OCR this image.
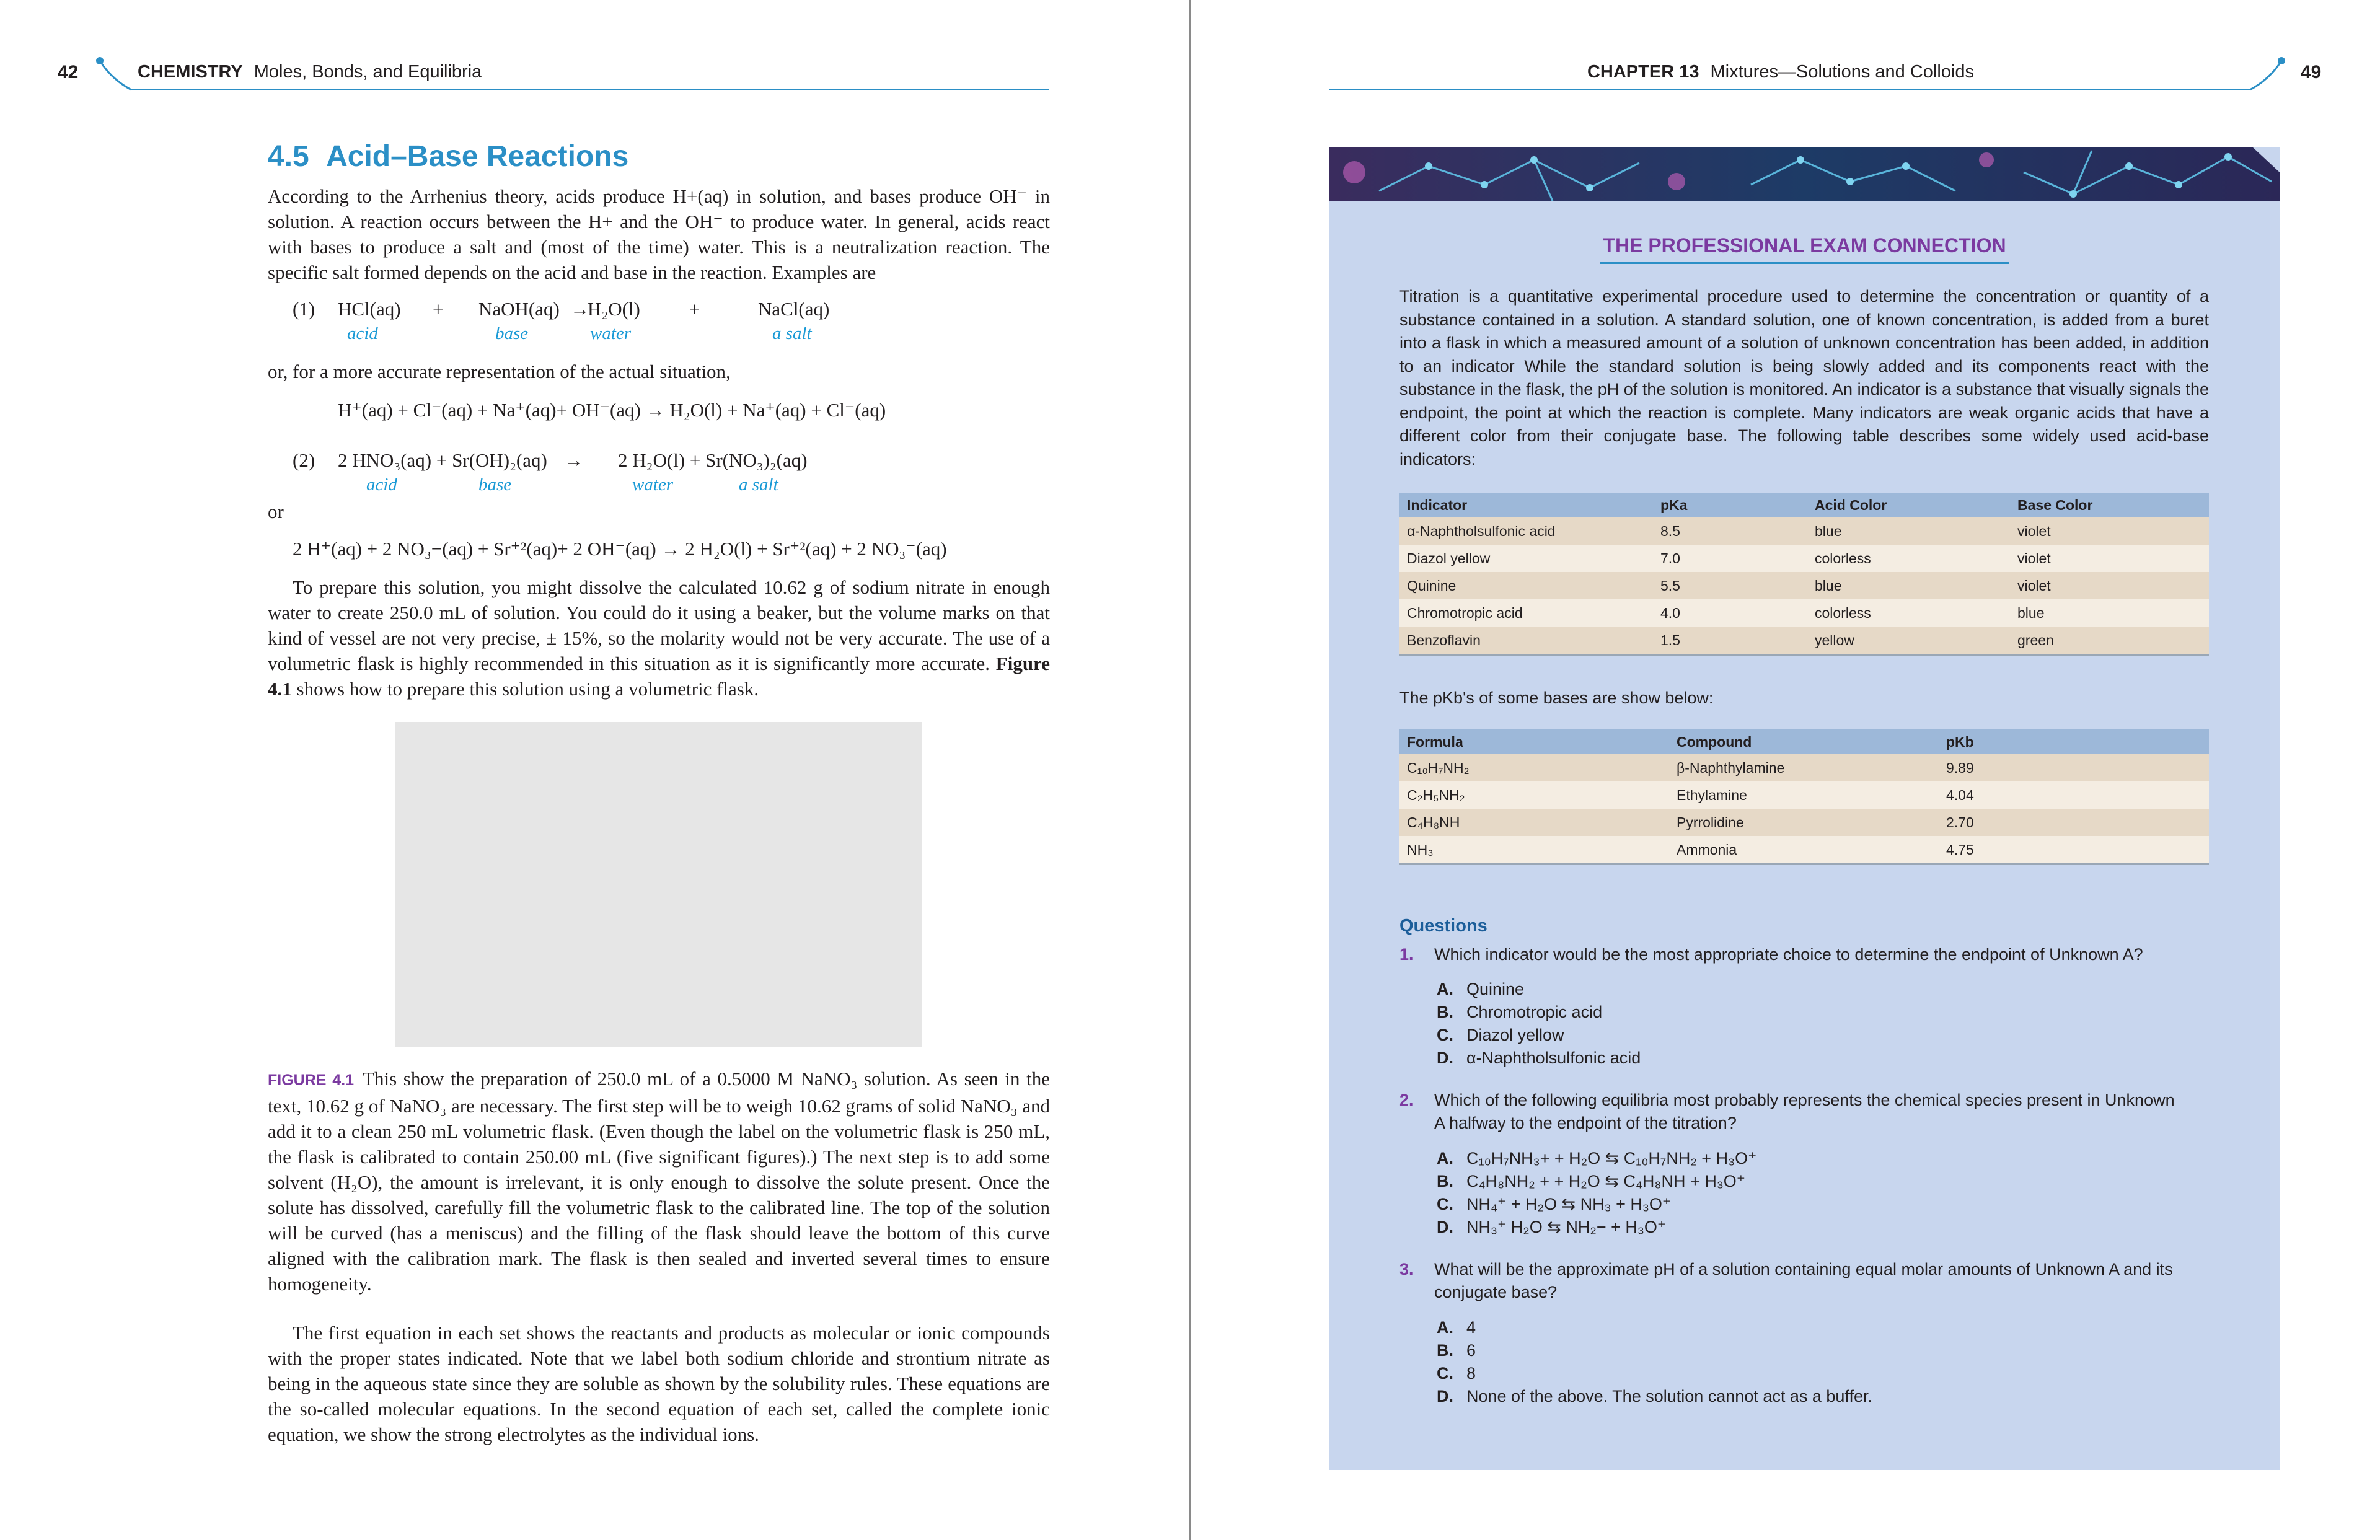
42	CHEMISTRY Moles, Bonds, and Equilibria
4.5 Acid–Base Reactions
According to the Arrhenius theory, acids produce H+(aq) in solution, and bases produce OH⁻ in solution. A reaction occurs between the H+ and the OH⁻ to produce water. In general, acids react with bases to produce a salt and (most of the time) water. This is a neutralization reaction. The specific salt formed depends on the acid and base in the reaction. Examples are
(1) HCl(aq) + NaOH(aq) →
H₂O(l)	+	NaCl(aq)
acid	base	water	a salt
or, for a more accurate representation of the actual situation,
H⁺(aq) + Cl⁻(aq) + Na⁺(aq)+ OH⁻(aq) → H₂O(l) + Na⁺(aq) + Cl⁻(aq)
(2) 2 HNO₃(aq) + Sr(OH)₂(aq) → 2 H₂O(l) + Sr(NO₃)₂(aq)
acid	base	water	a salt
or
2 H⁺(aq) + 2 NO₃−(aq) + Sr⁺²(aq)+ 2 OH⁻(aq) → 2 H₂O(l) + Sr⁺²(aq) + 2 NO₃⁻(aq)

To prepare this solution, you might dissolve the calculated 10.62 g of sodium nitrate in enough water to create 250.0 mL of solution. You could do it using a beaker, but the volume marks on that kind of vessel are not very precise, ± 15%, so the molarity would not be very accurate. The use of a volumetric flask is highly recommended in this situation as it is significantly more accurate. Figure 4.1 shows how to prepare this solution using a volumetric flask.

FIGURE 4.1 This show the preparation of 250.0 mL of a 0.5000 M NaNO₃ solution. As seen in the text, 10.62 g of NaNO₃ are necessary. The first step will be to weigh 10.62 grams of solid NaNO₃ and add it to a clean 250 mL volumetric flask. (Even though the label on the volumetric flask is 250 mL, the flask is calibrated to contain 250.00 mL (five significant figures).) The next step is to add some solvent (H₂O), the amount is irrelevant, it is only enough to dissolve the solute present. Once the solute has dissolved, carefully fill the volumetric flask to the calibrated line. The top of the solution will be curved (has a meniscus) and the filling of the flask should leave the bottom of this curve aligned with the calibration mark. The flask is then sealed and inverted several times to ensure homogeneity.

The first equation in each set shows the reactants and products as molecular or ionic compounds with the proper states indicated. Note that we label both sodium chloride and strontium nitrate as being in the aqueous state since they are soluble as shown by the solubility rules. These equations are the so-called molecular equations. In the second equation of each set, called the complete ionic equation, we show the strong electrolytes as the individual ions.

CHAPTER 13 Mixtures—Solutions and Colloids	49
THE PROFESSIONAL EXAM CONNECTION
Titration is a quantitative experimental procedure used to determine the concentration or quantity of a substance contained in a solution. A standard solution, one of known concentration, is added from a buret into a flask in which a measured amount of a solution of unknown concentration has been added, in addition to an indicator While the standard solution is being slowly added and its components react with the substance in the flask, the pH of the solution is monitored. An indicator is a substance that visually signals the endpoint, the point at which the reaction is complete. Many indicators are weak organic acids that have a different color from their conjugate base. The following table describes some widely used acid-base indicators:
Indicator	pKa	Acid Color	Base Color
α-Naphtholsulfonic acid	8.5	blue	violet
Diazol yellow	7.0	colorless	violet
Quinine	5.5	blue	violet
Chromotropic acid	4.0	colorless	blue
Benzoflavin	1.5	yellow	green
The pKb's of some bases are show below:
Formula	Compound	pKb
C₁₀H₇NH₂	β-Naphthylamine	9.89
C₂H₅NH₂	Ethylamine	4.04
C₄H₈NH	Pyrrolidine	2.70
NH₃	Ammonia	4.75
Questions
1. Which indicator would be the most appropriate choice to determine the endpoint of Unknown A?
A. Quinine
B. Chromotropic acid
C. Diazol yellow
D. α-Naphtholsulfonic acid
2.	Which of the following equilibria most probably represents the chemical species present in Unknown A halfway to the endpoint of the titration?
A. C₁₀H₇NH₃+ + H₂O ⇆ C₁₀H₇NH₂ + H₃O⁺
B. C₄H₈NH₂ + + H₂O ⇆ C₄H₈NH + H₃O⁺
C. NH₄⁺ + H₂O ⇆ NH₃ + H₃O⁺
D. NH₃⁺ H₂O ⇆ NH₂− + H₃O⁺
3.	What will be the approximate pH of a solution containing equal molar amounts of Unknown A and its conjugate base?
A. 4
B. 6
C. 8
D. None of the above. The solution cannot act as a buffer.
